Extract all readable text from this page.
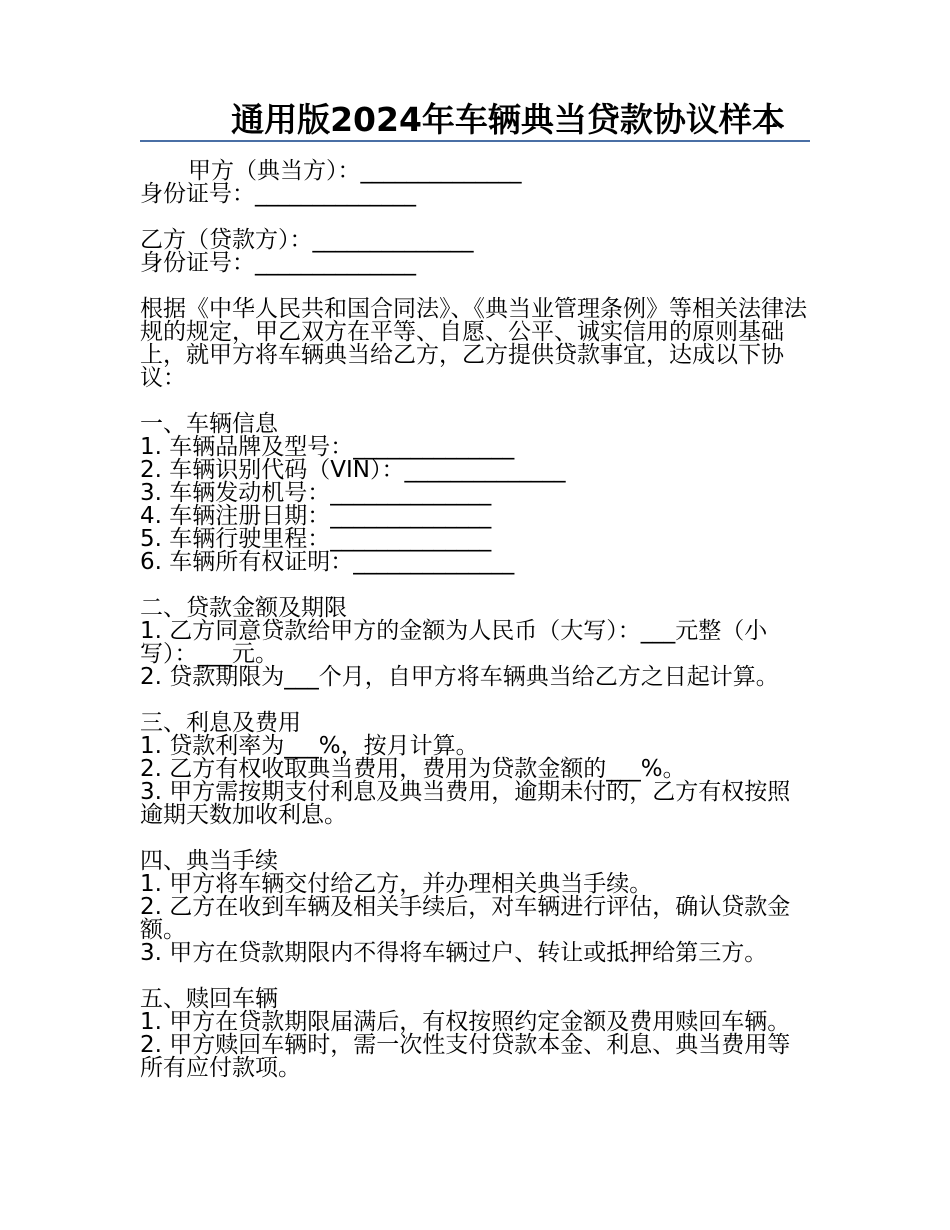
通用版2024年车辆典当贷款协议样本

甲方（典当方）：______________

身份证号：______________

乙方（贷款方）：______________

身份证号：______________

根据《中华人民共和国合同法》、《典当业管理条例》等相关法律法规的规定，甲乙双方在平等、自愿、公平、诚实信用的原则基础上，就甲方将车辆典当给乙方，乙方提供贷款事宜，达成以下协议：

一、车辆信息

1. 车辆品牌及型号：______________

2. 车辆识别代码（VIN）：______________

3. 车辆发动机号：______________

4. 车辆注册日期：______________

5. 车辆行驶里程：______________

6. 车辆所有权证明：______________

二、贷款金额及期限

1. 乙方同意贷款给甲方的金额为人民币（大写）：___元整（小写）：___元。

2. 贷款期限为___个月，自甲方将车辆典当给乙方之日起计算。

三、利息及费用

1. 贷款利率为___%，按月计算。

2. 乙方有权收取典当费用，费用为贷款金额的___%。

3. 甲方需按期支付利息及典当费用，逾期未付的，乙方有权按照逾期天数加收利息。

四、典当手续

1. 甲方将车辆交付给乙方，并办理相关典当手续。

2. 乙方在收到车辆及相关手续后，对车辆进行评估，确认贷款金额。

3. 甲方在贷款期限内不得将车辆过户、转让或抵押给第三方。

五、赎回车辆

1. 甲方在贷款期限届满后，有权按照约定金额及费用赎回车辆。

2. 甲方赎回车辆时，需一次性支付贷款本金、利息、典当费用等所有应付款项。
